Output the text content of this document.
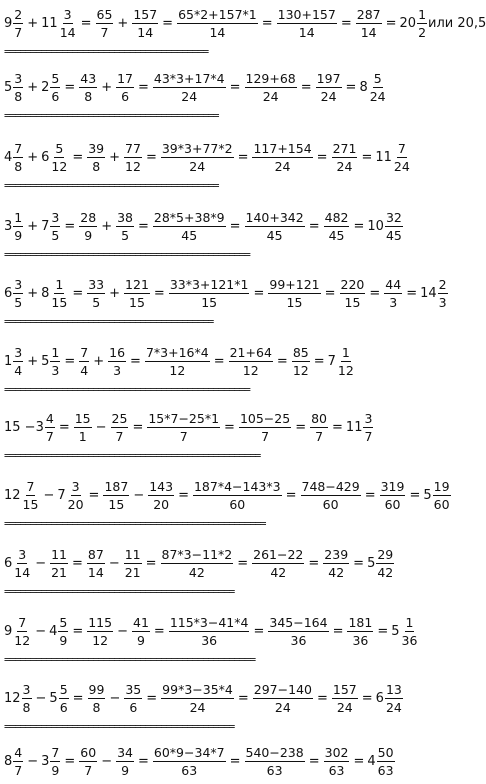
$9 \frac{2}{7} + 11 \frac{3}{14} = \frac{65}{7} + \frac{157}{14} = \frac{65*2+157*1}{14} = \frac{130+157}{14} = \frac{287}{14} = 20 \frac{1}{2}$ или 20,5
=======================================
$5 \frac{3}{8} + 2 \frac{5}{6} = \frac{43}{8} + \frac{17}{6} = \frac{43*3+17*4}{24} = \frac{129+68}{24} = \frac{197}{24} = 8 \frac{5}{24}$
=========================================
$4 \frac{7}{8} + 6 \frac{5}{12} = \frac{39}{8} + \frac{77}{12} = \frac{39*3+77*2}{24} = \frac{117+154}{24} = \frac{271}{24} = 11 \frac{7}{24}$
=========================================
$3 \frac{1}{9} + 7 \frac{3}{5} = \frac{28}{9} + \frac{38}{5} = \frac{28*5+38*9}{45} = \frac{140+342}{45} = \frac{482}{45} = 10 \frac{32}{45}$
===============================================
$6 \frac{3}{5} + 8 \frac{1}{15} = \frac{33}{5} + \frac{121}{15} = \frac{33*3+121*1}{15} = \frac{99+121}{15} = \frac{220}{15} = \frac{44}{3} = 14 \frac{2}{3}$
========================================
$1 \frac{3}{4} + 5 \frac{1}{3} = \frac{7}{4} + \frac{16}{3} = \frac{7*3+16*4}{12} = \frac{21+64}{12} = \frac{85}{12} = 7 \frac{1}{12}$
===============================================
$15 - 3 \frac{4}{7} = \frac{15}{1} - \frac{25}{7} = \frac{15*7-25*1}{7} = \frac{105-25}{7} = \frac{80}{7} = 11 \frac{3}{7}$
=================================================
$12 \frac{7}{15} - 7 \frac{3}{20} = \frac{187}{15} - \frac{143}{20} = \frac{187*4-143*3}{60} = \frac{748-429}{60} = \frac{319}{60} = 5 \frac{19}{60}$
==================================================
$6 \frac{3}{14} - \frac{11}{21} = \frac{87}{14} - \frac{11}{21} = \frac{87*3-11*2}{42} = \frac{261-22}{42} = \frac{239}{42} = 5 \frac{29}{42}$
============================================
$9 \frac{7}{12} - 4 \frac{5}{9} = \frac{115}{12} - \frac{41}{9} = \frac{115*3-41*4}{36} = \frac{345-164}{36} = \frac{181}{36} = 5 \frac{1}{36}$
================================================
$12 \frac{3}{8} - 5 \frac{5}{6} = \frac{99}{8} - \frac{35}{6} = \frac{99*3-35*4}{24} = \frac{297-140}{24} = \frac{157}{24} = 6 \frac{13}{24}$
============================================
$8 \frac{4}{7} - 3 \frac{7}{9} = \frac{60}{7} - \frac{34}{9} = \frac{60*9-34*7}{63} = \frac{540-238}{63} = \frac{302}{63} = 4 \frac{50}{63}$
